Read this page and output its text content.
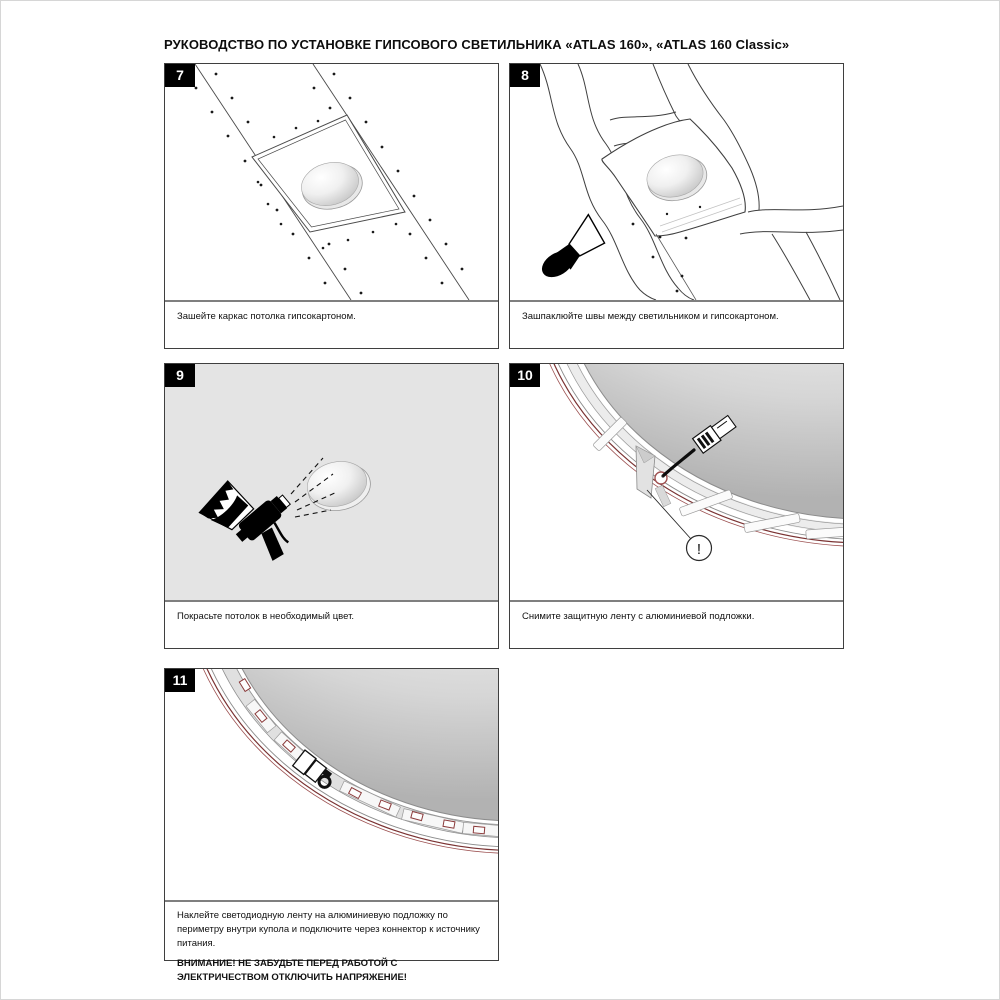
РУКОВОДСТВО ПО УСТАНОВКЕ ГИПСОВОГО СВЕТИЛЬНИКА «ATLAS 160», «ATLAS 160 Classic»
7

Зашейте каркас потолка гипсокартоном.

8

Зашпаклюйте швы между светильником и гипсокартоном.

9

Покрасьте потолок в необходимый цвет.

10
!

Снимите защитную ленту с алюминиевой подложки.

11

Наклейте светодиодную ленту на алюминиевую подложку по периметру внутри купола и подключите через коннектор к источнику питания.

ВНИМАНИЕ! НЕ ЗАБУДЬТЕ ПЕРЕД РАБОТОЙ С ЭЛЕКТРИЧЕСТВОМ ОТКЛЮЧИТЬ НАПРЯЖЕНИЕ!
